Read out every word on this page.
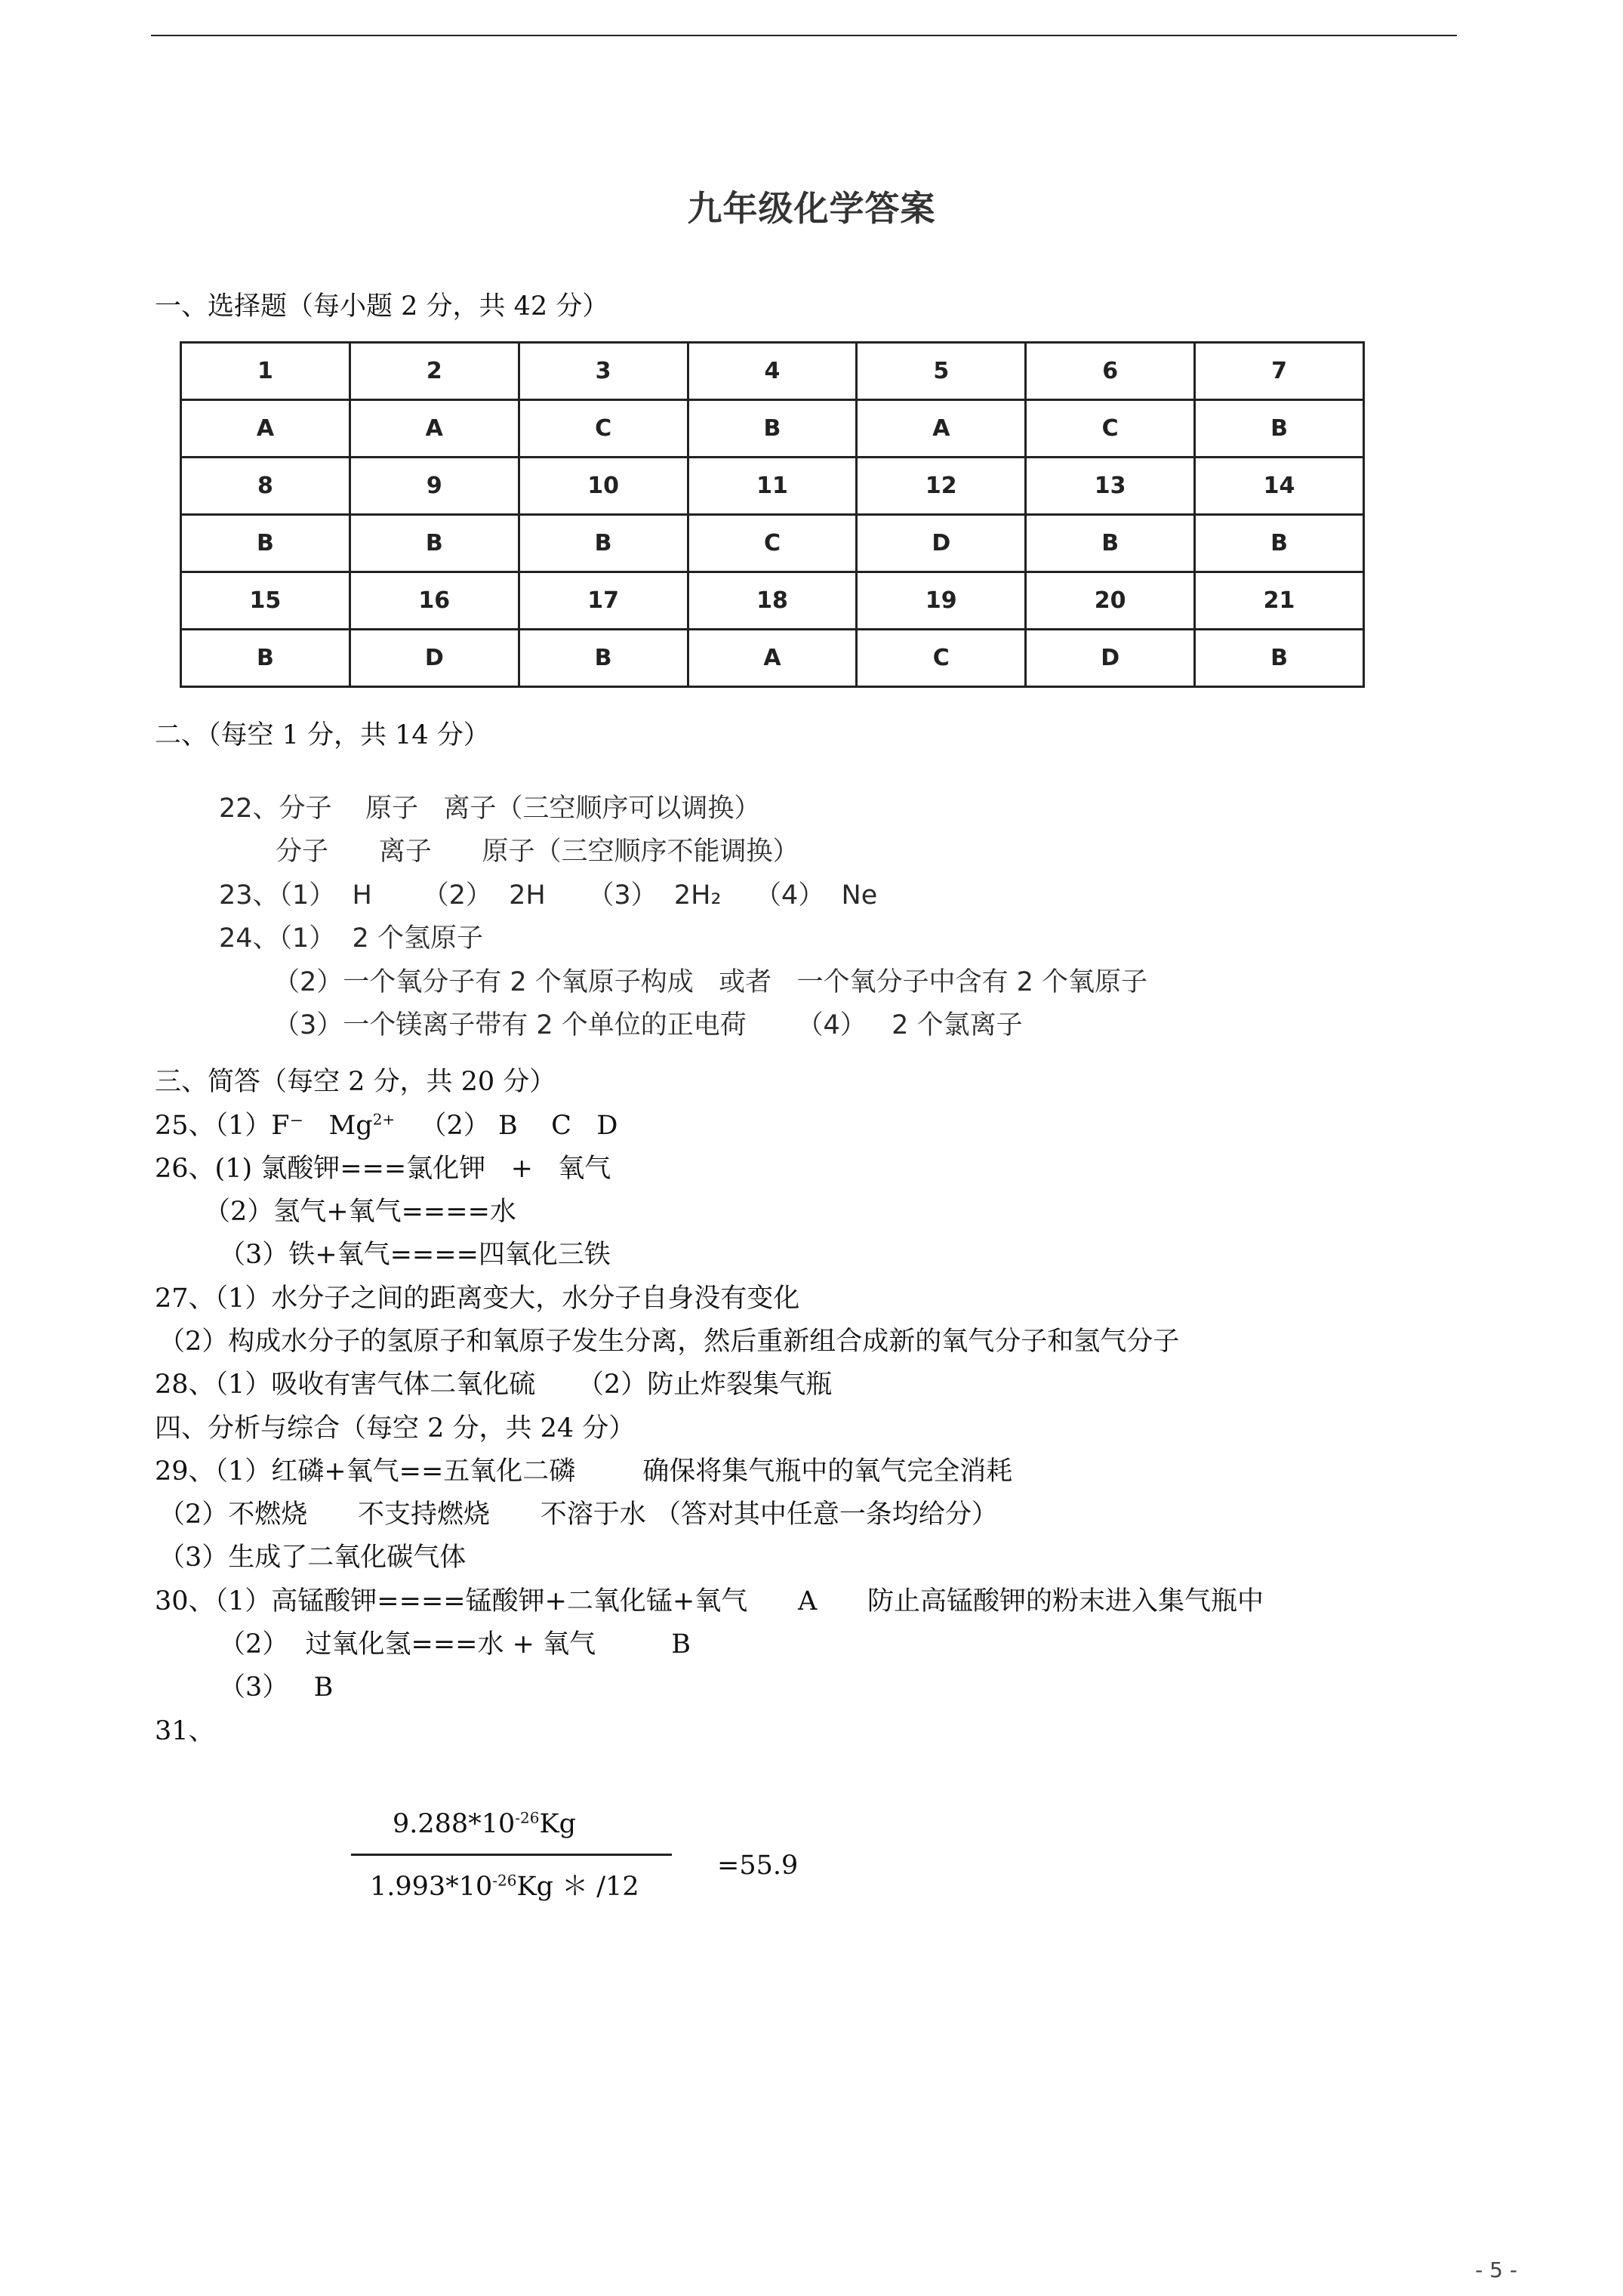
九年级化学答案
一、选择题（每小题 2 分，共 42 分）
1	2	3	4	5	6	7
A	A	C	B	A	C	B
8	9	10	11	12	13	14
B	B	B	C	D	B	B
15	16	17	18	19	20	21
B	D	B	A	C	D	B
二、（每空 1 分，共 14 分）
22、分子    原子   离子（三空顺序可以调换）
分子      离子      原子（三空顺序不能调换）
23、（1）  H      （2）  2H     （3）  2H₂    （4）  Ne
24、（1）  2 个氢原子
（2）一个氧分子有 2 个氧原子构成   或者   一个氧分子中含有 2 个氧原子
（3）一个镁离子带有 2 个单位的正电荷      （4）   2 个氯离子
三、简答（每空 2 分，共 20 分）
25、（1）F⁻   $Mg^{2+}$   （2） B    C   D
26、(1) 氯酸钾===氯化钾   +   氧气
（2）氢气+氧气====水
（3）铁+氧气====四氧化三铁
27、（1）水分子之间的距离变大，水分子自身没有变化
（2）构成水分子的氢原子和氧原子发生分离，然后重新组合成新的氧气分子和氢气分子
28、（1）吸收有害气体二氧化硫     （2）防止炸裂集气瓶
四、分析与综合（每空 2 分，共 24 分）
29、（1）红磷+氧气==五氧化二磷        确保将集气瓶中的氧气完全消耗
（2）不燃烧      不支持燃烧      不溶于水 （答对其中任意一条均给分）
（3）生成了二氧化碳气体
30、（1）高锰酸钾====锰酸钾+二氧化锰+氧气      A      防止高锰酸钾的粉末进入集气瓶中
（2）  过氧化氢===水 + 氧气         B
（3）   B
31、
$9.288*10^{-26}Kg$
$1.993*10^{-26}Kg$ ＊ /12
=55.9
- 5 -
